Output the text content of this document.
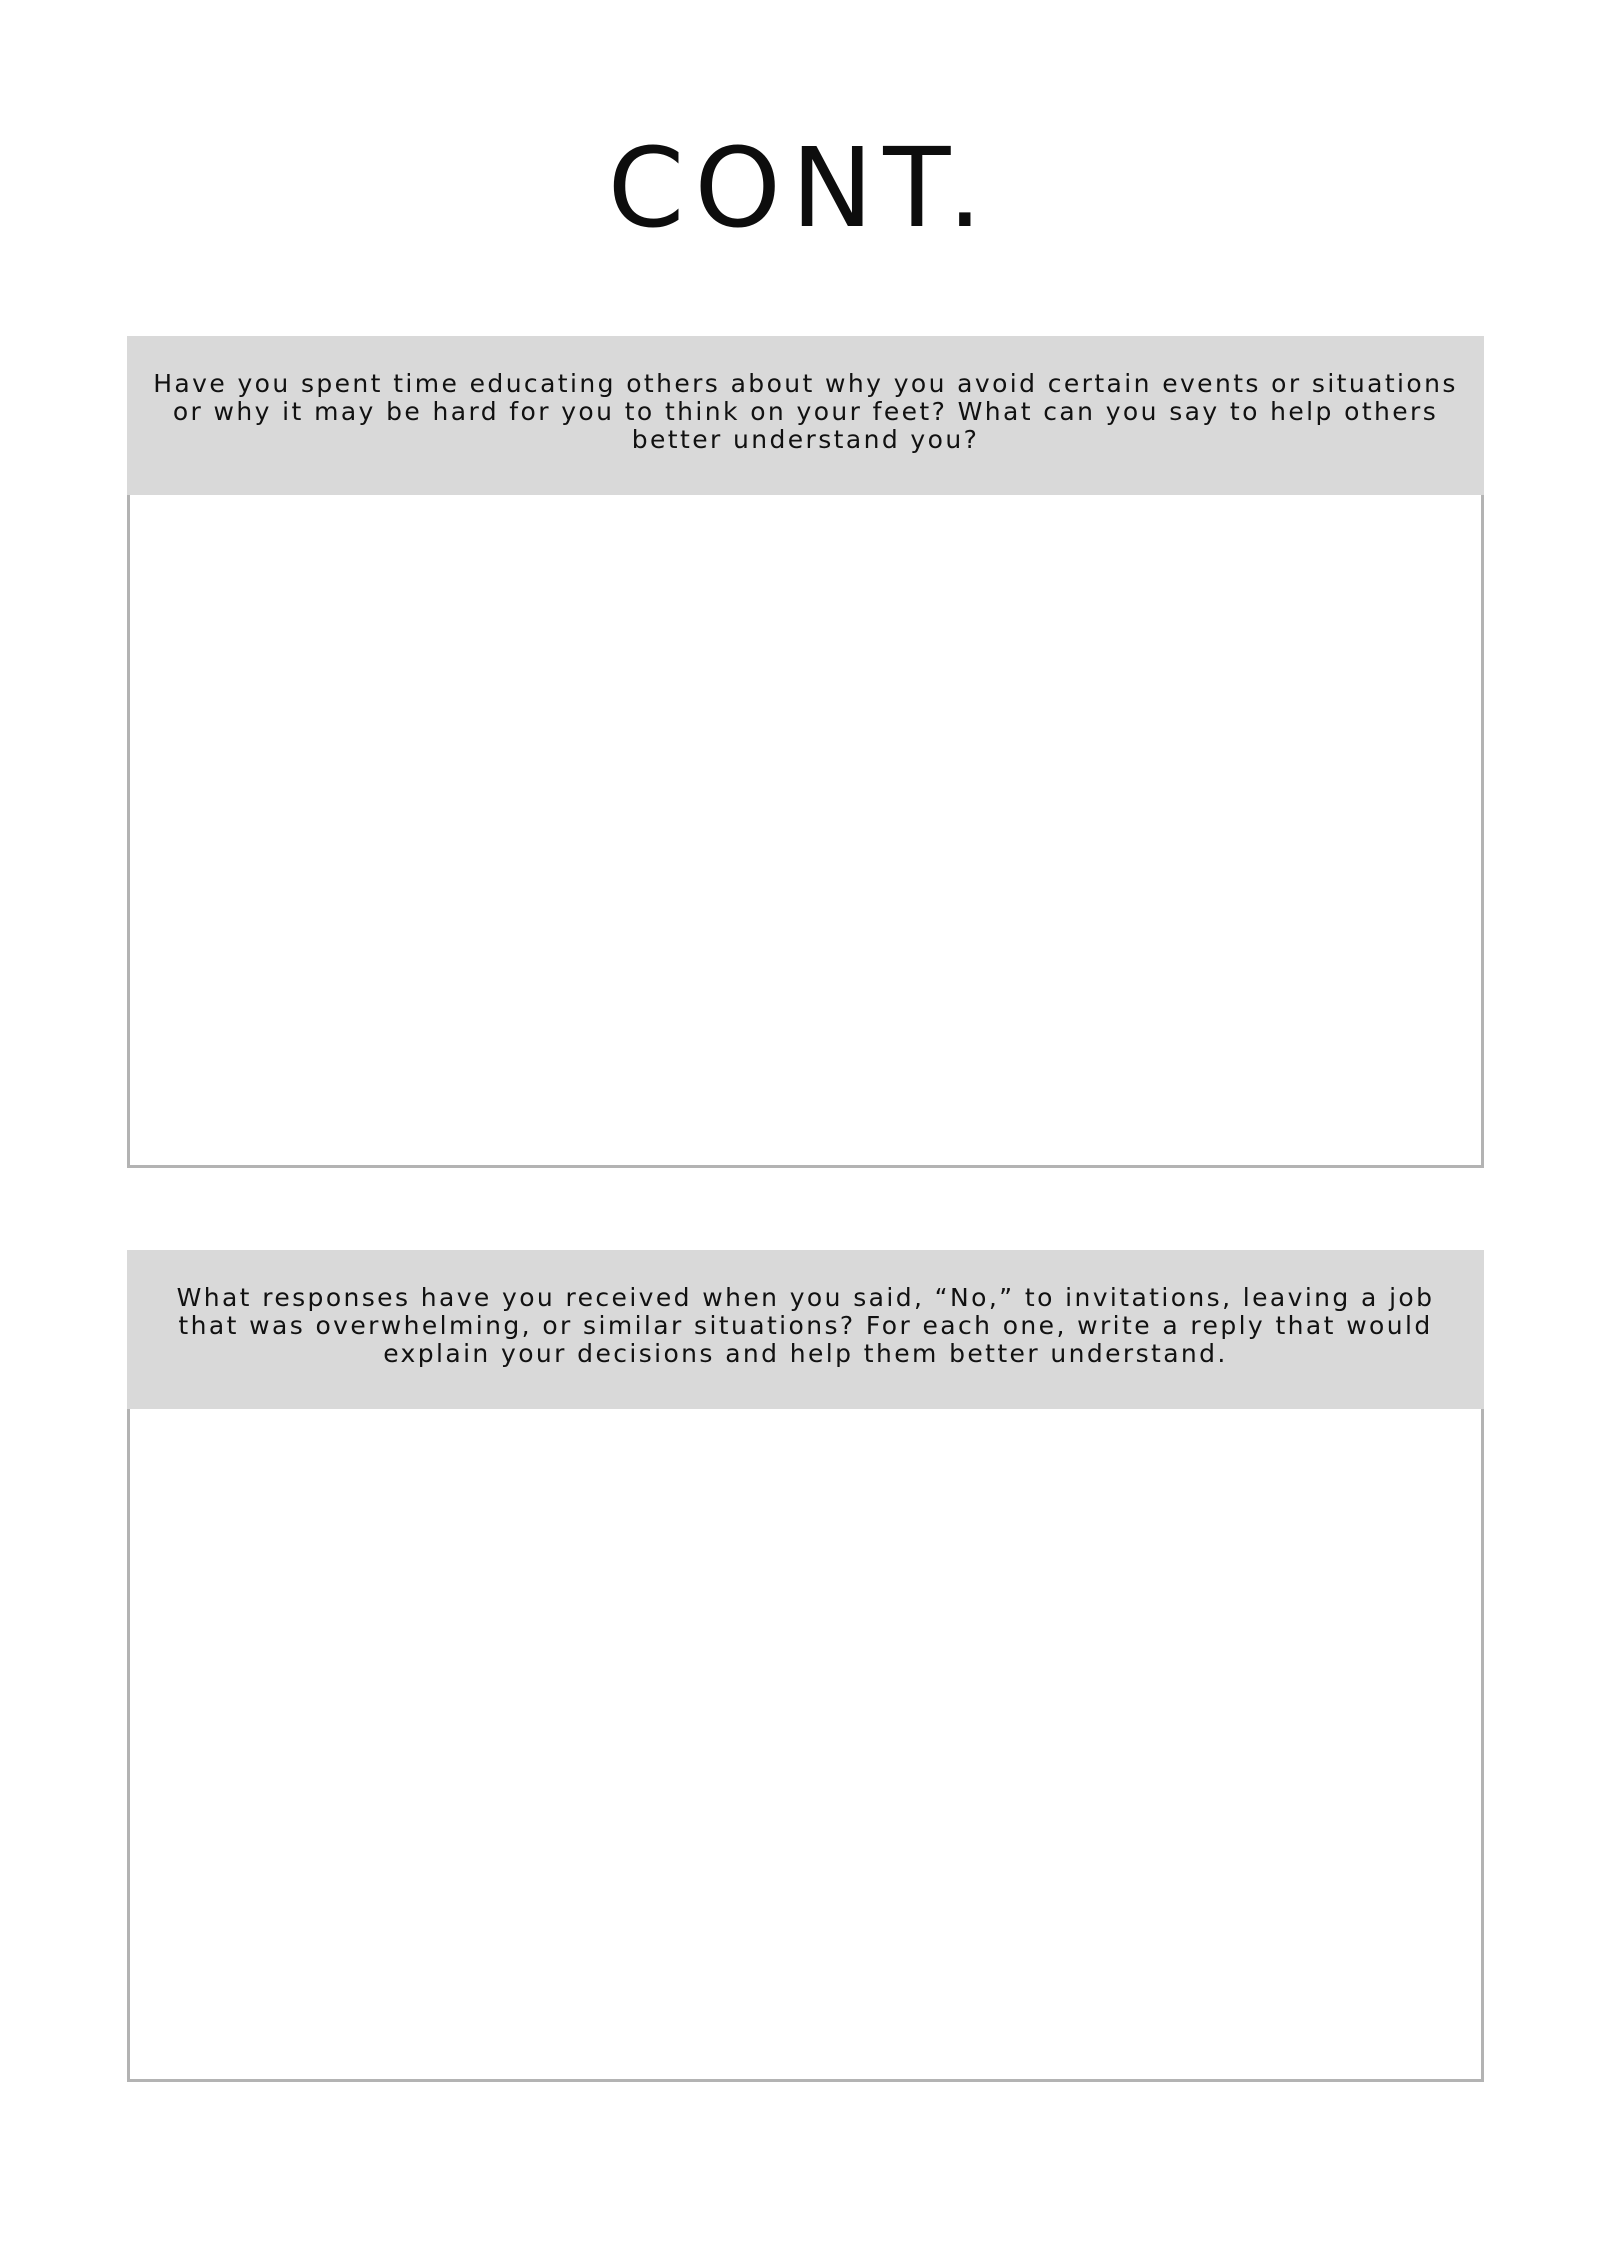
CONT.

Have you spent time educating others about why you avoid certain events or situations or why it may be hard for you to think on your feet? What can you say to help others better understand you?

What responses have you received when you said, “No,” to invitations, leaving a job that was overwhelming, or similar situations? For each one, write a reply that would explain your decisions and help them better understand.
